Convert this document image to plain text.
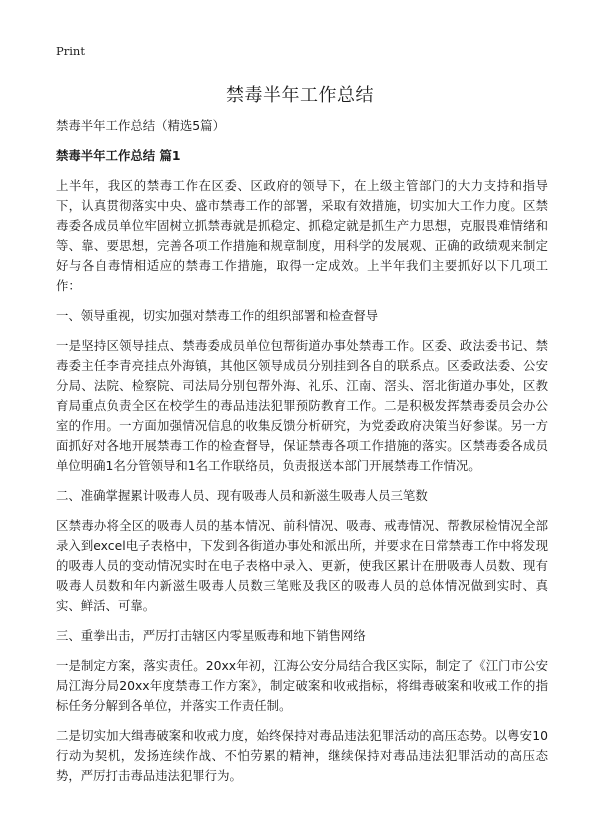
Print
禁毒半年工作总结

禁毒半年工作总结（精选5篇）

禁毒半年工作总结 篇1

上半年，我区的禁毒工作在区委、区政府的领导下，在上级主管部门的大力支持和指导下，认真贯彻落实中央、盛市禁毒工作的部署，采取有效措施，切实加大工作力度。区禁毒委各成员单位牢固树立抓禁毒就是抓稳定、抓稳定就是抓生产力思想，克服畏难情绪和等、靠、要思想，完善各项工作措施和规章制度，用科学的发展观、正确的政绩观来制定好与各自毒情相适应的禁毒工作措施，取得一定成效。上半年我们主要抓好以下几项工作：

一、领导重视，切实加强对禁毒工作的组织部署和检查督导

一是坚持区领导挂点、禁毒委成员单位包帮街道办事处禁毒工作。区委、政法委书记、禁毒委主任李青亮挂点外海镇，其他区领导成员分别挂到各自的联系点。区委政法委、公安分局、法院、检察院、司法局分别包帮外海、礼乐、江南、滘头、滘北街道办事处，区教育局重点负责全区在校学生的毒品违法犯罪预防教育工作。二是积极发挥禁毒委员会办公室的作用。一方面加强情况信息的收集反馈分析研究，为党委政府决策当好参谋。另一方面抓好对各地开展禁毒工作的检查督导，保证禁毒各项工作措施的落实。区禁毒委各成员单位明确1名分管领导和1名工作联络员，负责报送本部门开展禁毒工作情况。

二、准确掌握累计吸毒人员、现有吸毒人员和新滋生吸毒人员三笔数

区禁毒办将全区的吸毒人员的基本情况、前科情况、吸毒、戒毒情况、帮教尿检情况全部录入到excel电子表格中，下发到各街道办事处和派出所，并要求在日常禁毒工作中将发现的吸毒人员的变动情况实时在电子表格中录入、更新，使我区累计在册吸毒人员数、现有吸毒人员数和年内新滋生吸毒人员数三笔账及我区的吸毒人员的总体情况做到实时、真实、鲜活、可靠。

三、重拳出击，严厉打击辖区内零星贩毒和地下销售网络

一是制定方案，落实责任。20xx年初，江海公安分局结合我区实际，制定了《江门市公安局江海分局20xx年度禁毒工作方案》，制定破案和收戒指标，将缉毒破案和收戒工作的指标任务分解到各单位，并落实工作责任制。

二是切实加大缉毒破案和收戒力度，始终保持对毒品违法犯罪活动的高压态势。以粤安10行动为契机，发扬连续作战、不怕劳累的精神，继续保持对毒品违法犯罪活动的高压态势，严厉打击毒品违法犯罪行为。
